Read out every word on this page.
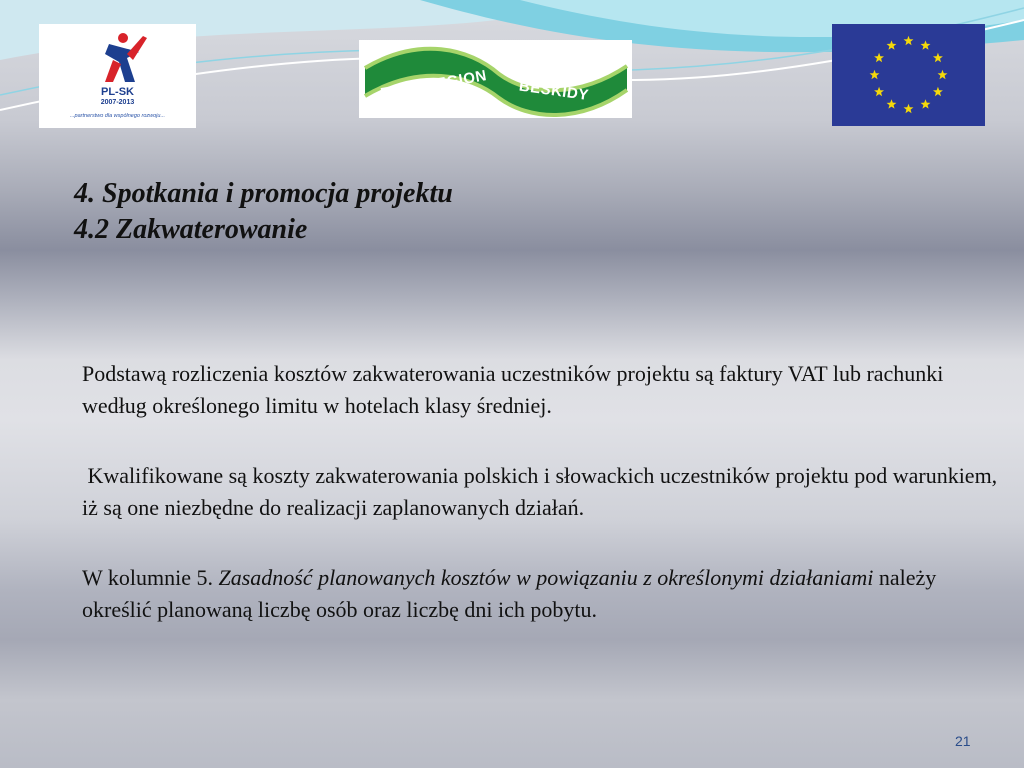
PL-SK
2007-2013
...partnerstwo dla wspólnego rozwoju...
EUROREGION BESKIDY
4. Spotkania i promocja projektu
4.2 Zakwaterowanie

Podstawą rozliczenia kosztów zakwaterowania uczestników projektu są faktury VAT lub rachunki według określonego limitu w hotelach klasy średniej.

Kwalifikowane są koszty zakwaterowania polskich i słowackich uczestników projektu pod warunkiem, iż są one niezbędne do realizacji zaplanowanych działań.

W kolumnie 5. Zasadność planowanych kosztów w powiązaniu z określonymi działaniami należy określić planowaną liczbę osób oraz liczbę dni ich pobytu.

21
